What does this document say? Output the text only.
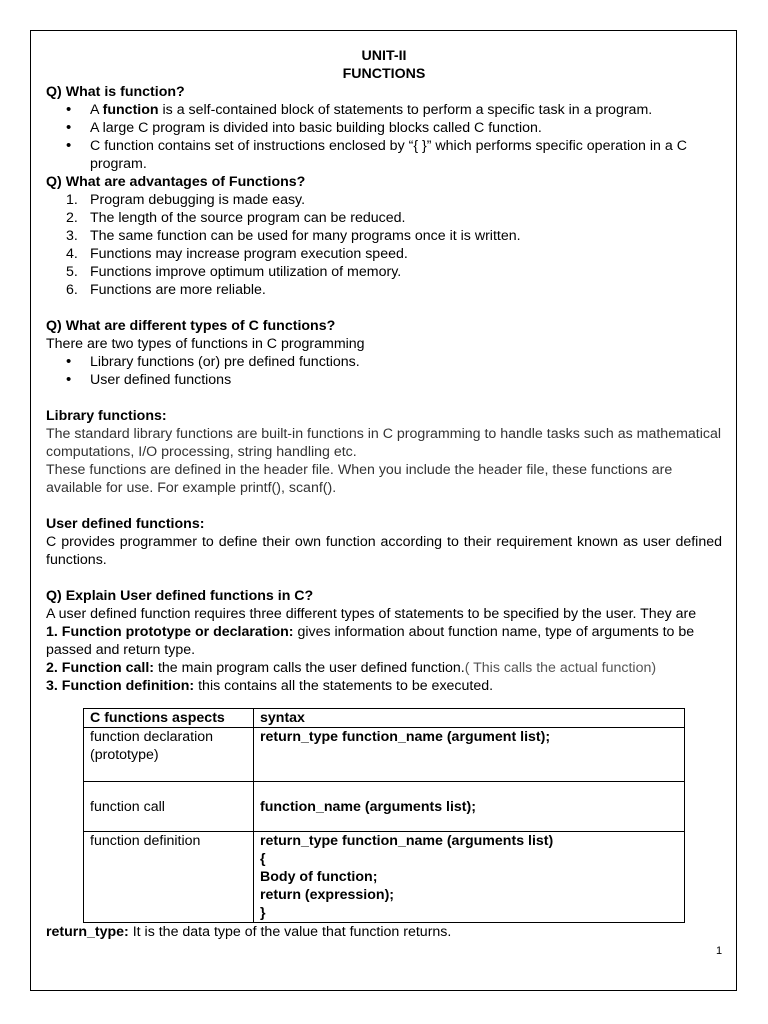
UNIT-II
FUNCTIONS
Q) What is function?
• A function is a self-contained block of statements to perform a specific task in a program.
• A large C program is divided into basic building blocks called C function.
• C function contains set of instructions enclosed by “{ }” which performs specific operation in a C program.
Q) What are advantages of Functions?
1. Program debugging is made easy.
2. The length of the source program can be reduced.
3. The same function can be used for many programs once it is written.
4. Functions may increase program execution speed.
5. Functions improve optimum utilization of memory.
6. Functions are more reliable.
Q) What are different types of C functions?

There are two types of functions in C programming

• Library functions (or) pre defined functions.
• User defined functions
Library functions:

The standard library functions are built-in functions in C programming to handle tasks such as mathematical computations, I/O processing, string handling etc.

These functions are defined in the header file. When you include the header file, these functions are available for use. For example printf(), scanf().

User defined functions:

C provides programmer to define their own function according to their requirement known as user defined functions.

Q) Explain User defined functions in C?

A user defined function requires three different types of statements to be specified by the user. They are

1. Function prototype or declaration: gives information about function name, type of arguments to be passed and return type.

2. Function call: the main program calls the user defined function.( This calls the actual function)

3. Function definition: this contains all the statements to be executed.

C functions aspects	syntax
function declaration (prototype)	return_type function_name (argument list);
function call	function_name (arguments list);
function definition	return_type function_name (arguments list)
{
Body of function;
return (expression);
}

return_type: It is the data type of the value that function returns.

1
